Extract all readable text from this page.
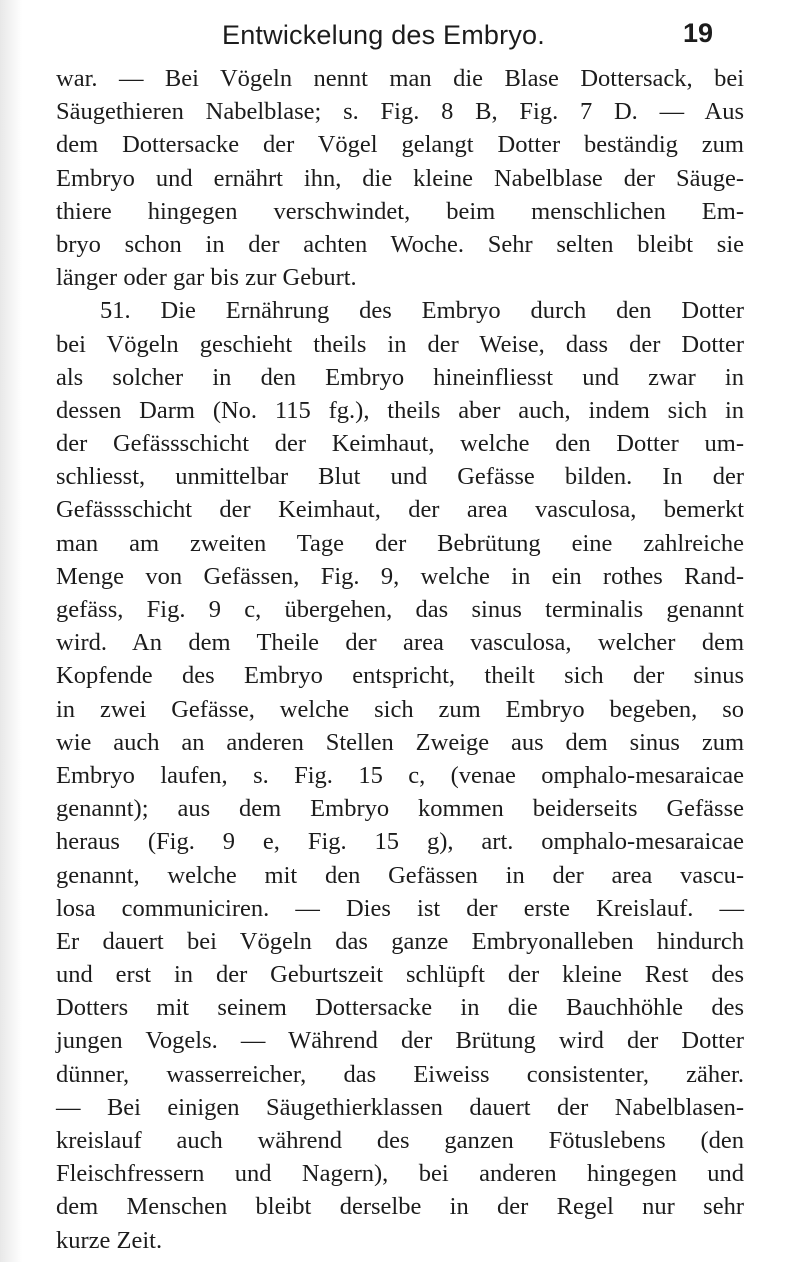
Entwickelung des Embryo.	19
war. — Bei Vögeln nennt man die Blase Dottersack, bei
Säugethieren Nabelblase; s. Fig. 8 B, Fig. 7 D. — Aus
dem Dottersacke der Vögel gelangt Dotter beständig zum
Embryo und ernährt ihn, die kleine Nabelblase der Säuge-
thiere hingegen verschwindet, beim menschlichen Em-
bryo schon in der achten Woche. Sehr selten bleibt sie
länger oder gar bis zur Geburt.
51. Die Ernährung des Embryo durch den Dotter
bei Vögeln geschieht theils in der Weise, dass der Dotter
als solcher in den Embryo hineinfliesst und zwar in
dessen Darm (No. 115 fg.), theils aber auch, indem sich in
der Gefässschicht der Keimhaut, welche den Dotter um-
schliesst, unmittelbar Blut und Gefässe bilden. In der
Gefässschicht der Keimhaut, der area vasculosa, bemerkt
man am zweiten Tage der Bebrütung eine zahlreiche
Menge von Gefässen, Fig. 9, welche in ein rothes Rand-
gefäss, Fig. 9 c, übergehen, das sinus terminalis genannt
wird. An dem Theile der area vasculosa, welcher dem
Kopfende des Embryo entspricht, theilt sich der sinus
in zwei Gefässe, welche sich zum Embryo begeben, so
wie auch an anderen Stellen Zweige aus dem sinus zum
Embryo laufen, s. Fig. 15 c, (venae omphalo-mesaraicae
genannt); aus dem Embryo kommen beiderseits Gefässe
heraus (Fig. 9 e, Fig. 15 g), art. omphalo-mesaraicae
genannt, welche mit den Gefässen in der area vascu-
losa communiciren. — Dies ist der erste Kreislauf. —
Er dauert bei Vögeln das ganze Embryonalleben hindurch
und erst in der Geburtszeit schlüpft der kleine Rest des
Dotters mit seinem Dottersacke in die Bauchhöhle des
jungen Vogels. — Während der Brütung wird der Dotter
dünner, wasserreicher, das Eiweiss consistenter, zäher.
— Bei einigen Säugethierklassen dauert der Nabelblasen-
kreislauf auch während des ganzen Fötuslebens (den
Fleischfressern und Nagern), bei anderen hingegen und
dem Menschen bleibt derselbe in der Regel nur sehr
kurze Zeit.
